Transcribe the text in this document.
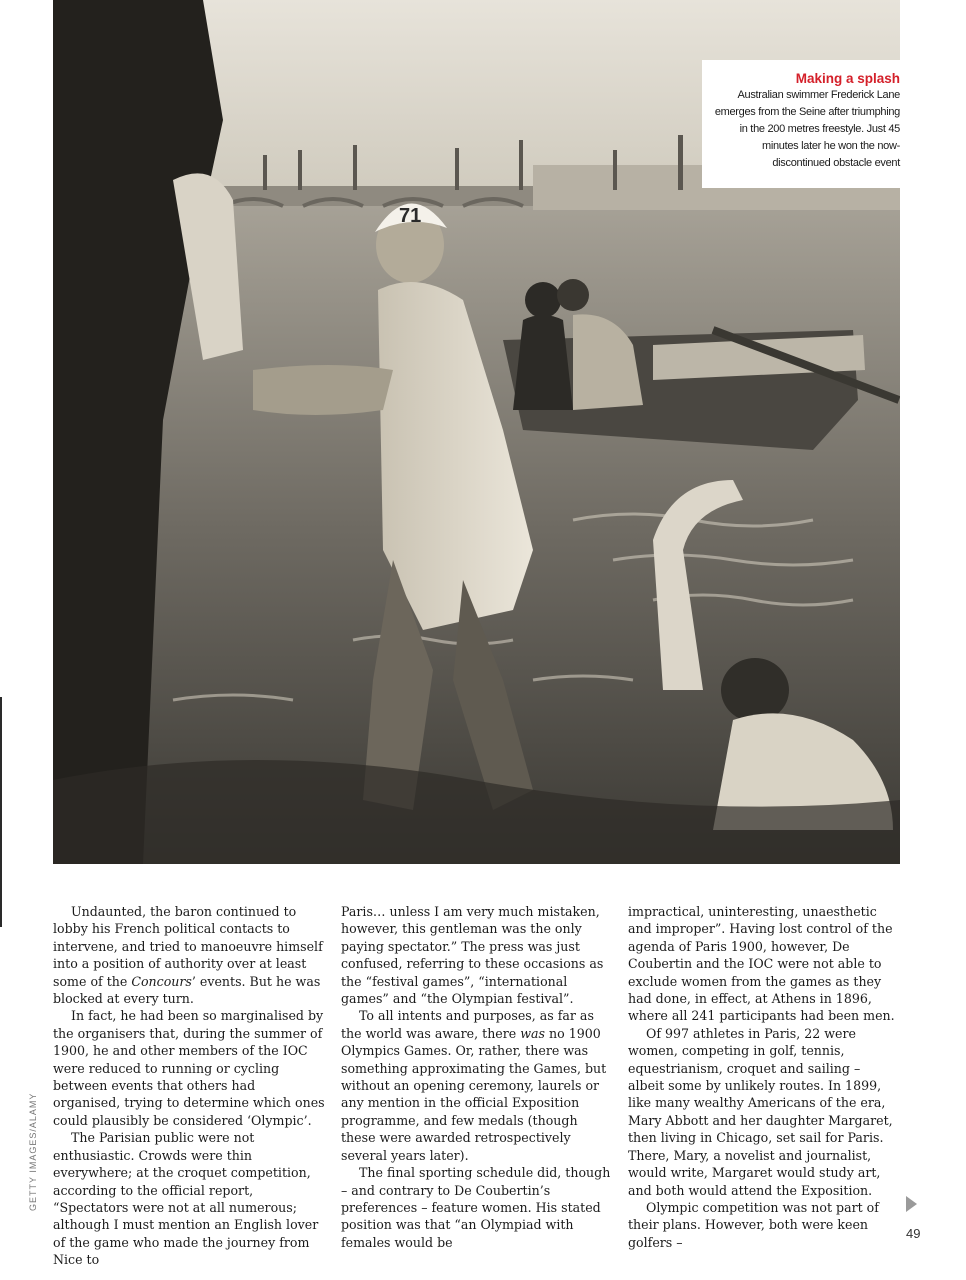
71
Making a splash
Australian swimmer Frederick Lane emerges from the Seine after triumphing in the 200 metres freestyle. Just 45 minutes later he won the now-discontinued obstacle event
GETTY IMAGES/ALAMY

Undaunted, the baron continued to lobby his French political contacts to intervene, and tried to manoeuvre himself into a position of authority over at least some of the Concours’ events. But he was blocked at every turn.

In fact, he had been so marginalised by the organisers that, during the summer of 1900, he and other members of the IOC were reduced to running or cycling between events that others had organised, trying to determine which ones could plausibly be considered ‘Olympic’.

The Parisian public were not enthusiastic. Crowds were thin everywhere; at the croquet competition, according to the official report, “Spectators were not at all numerous; although I must mention an English lover of the game who made the journey from Nice to

Paris… unless I am very much mistaken, however, this gentleman was the only paying spectator.” The press was just confused, referring to these occasions as the “festival games”, “international games” and “the Olympian festival”.

To all intents and purposes, as far as the world was aware, there was no 1900 Olympics Games. Or, rather, there was something approximating the Games, but without an opening ceremony, laurels or any mention in the official Exposition programme, and few medals (though these were awarded retrospectively several years later).

The final sporting schedule did, though – and contrary to De Coubertin’s preferences – feature women. His stated position was that “an Olympiad with females would be

impractical, uninteresting, unaesthetic and improper”. Having lost control of the agenda of Paris 1900, however, De Coubertin and the IOC were not able to exclude women from the games as they had done, in effect, at Athens in 1896, where all 241 participants had been men.

Of 997 athletes in Paris, 22 were women, competing in golf, tennis, equestrianism, croquet and sailing – albeit some by unlikely routes. In 1899, like many wealthy Americans of the era, Mary Abbott and her daughter Margaret, then living in Chicago, set sail for Paris. There, Mary, a novelist and journalist, would write, Margaret would study art, and both would attend the Exposition.

Olympic competition was not part of their plans. However, both were keen golfers –

49
